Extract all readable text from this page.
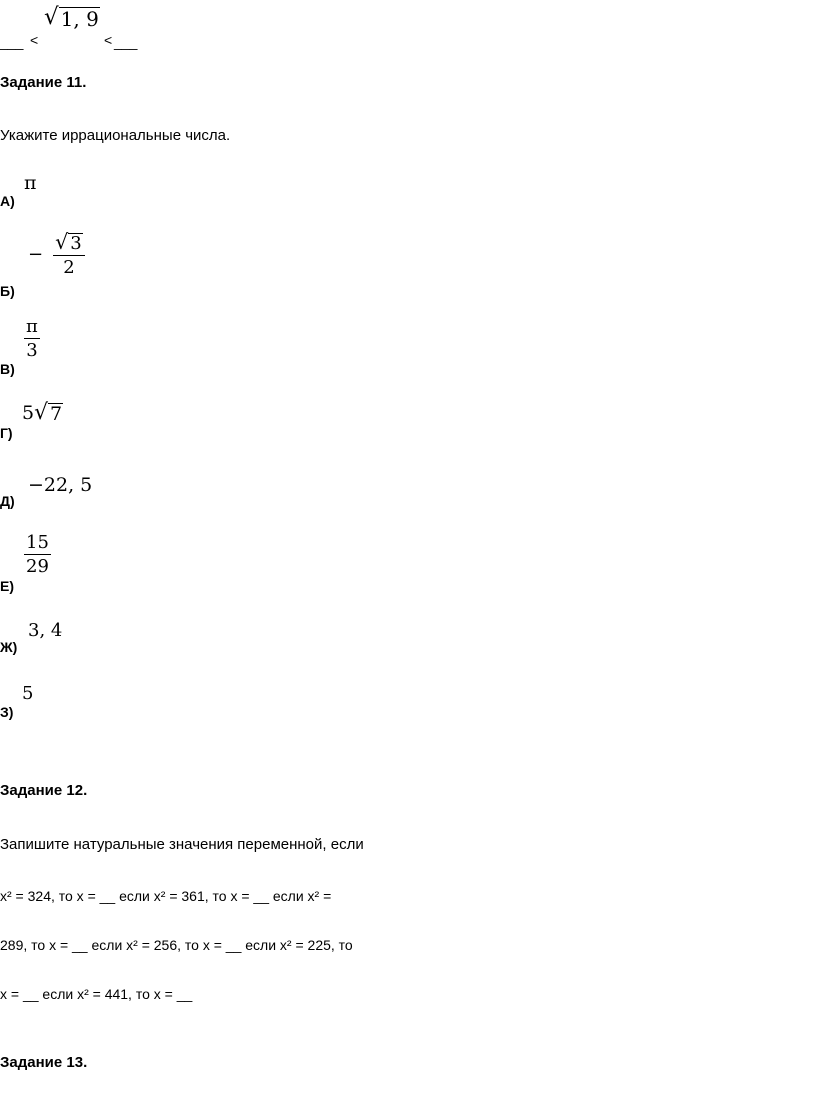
___ <
√ 1, 9
< ___
Задание 11.
Укажите иррациональные числа.
А)
π
Б)
− $\frac{√ 3}{2}$
В)
$\frac{\pi}{3}$
Г)
5 √ 7
Д)
−22, 5
Е)
$\frac{15}{29}$
Ж)
3, 4
З)
5
Задание 12.
Запишите натуральные значения переменной, если
x² = 324, то x = __ если x² = 361, то x = __ если x² =
289, то x = __ если x² = 256, то x = __ если x² = 225, то
x = __ если x² = 441, то x = __
Задание 13.
